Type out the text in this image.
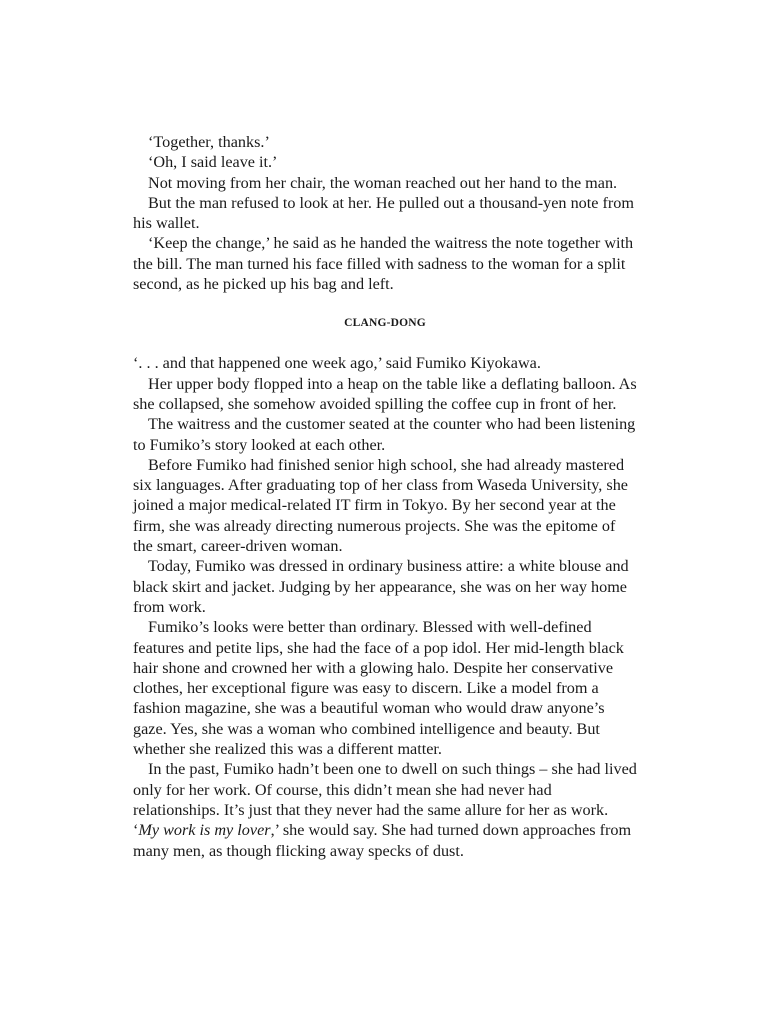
‘Together, thanks.’

‘Oh, I said leave it.’

Not moving from her chair, the woman reached out her hand to the man.

But the man refused to look at her. He pulled out a thousand-yen note from his wallet.

‘Keep the change,’ he said as he handed the waitress the note together with the bill. The man turned his face filled with sadness to the woman for a split second, as he picked up his bag and left.

CLANG-DONG

‘. . . and that happened one week ago,’ said Fumiko Kiyokawa.

Her upper body flopped into a heap on the table like a deflating balloon. As she collapsed, she somehow avoided spilling the coffee cup in front of her.

The waitress and the customer seated at the counter who had been listening to Fumiko’s story looked at each other.

Before Fumiko had finished senior high school, she had already mastered six languages. After graduating top of her class from Waseda University, she joined a major medical-related IT firm in Tokyo. By her second year at the firm, she was already directing numerous projects. She was the epitome of the smart, career-driven woman.

Today, Fumiko was dressed in ordinary business attire: a white blouse and black skirt and jacket. Judging by her appearance, she was on her way home from work.

Fumiko’s looks were better than ordinary. Blessed with well-defined features and petite lips, she had the face of a pop idol. Her mid-length black hair shone and crowned her with a glowing halo. Despite her conservative clothes, her exceptional figure was easy to discern. Like a model from a fashion magazine, she was a beautiful woman who would draw anyone’s gaze. Yes, she was a woman who combined intelligence and beauty. But whether she realized this was a different matter.

In the past, Fumiko hadn’t been one to dwell on such things – she had lived only for her work. Of course, this didn’t mean she had never had relationships. It’s just that they never had the same allure for her as work.

‘My work is my lover,’ she would say. She had turned down approaches from many men, as though flicking away specks of dust.
